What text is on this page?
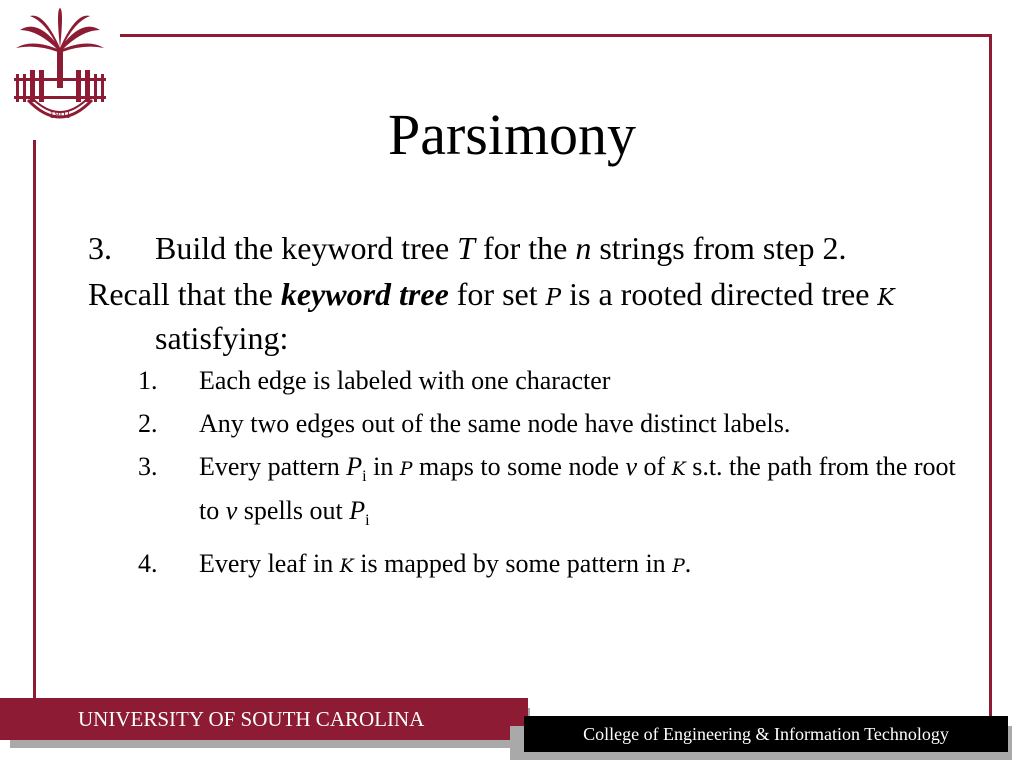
1801	Parsimony
3. Build the keyword tree T for the n strings from step 2.
Recall that the keyword tree for set P is a rooted directed tree K satisfying:
1. Each edge is labeled with one character
2. Any two edges out of the same node have distinct labels.
3. Every pattern $P_i$ in P maps to some node v of K s.t. the path from the root to v spells out $P_i$
4. Every leaf in K is mapped by some pattern in P.
UNIVERSITY OF SOUTH CAROLINA
College of Engineering & Information Technology
